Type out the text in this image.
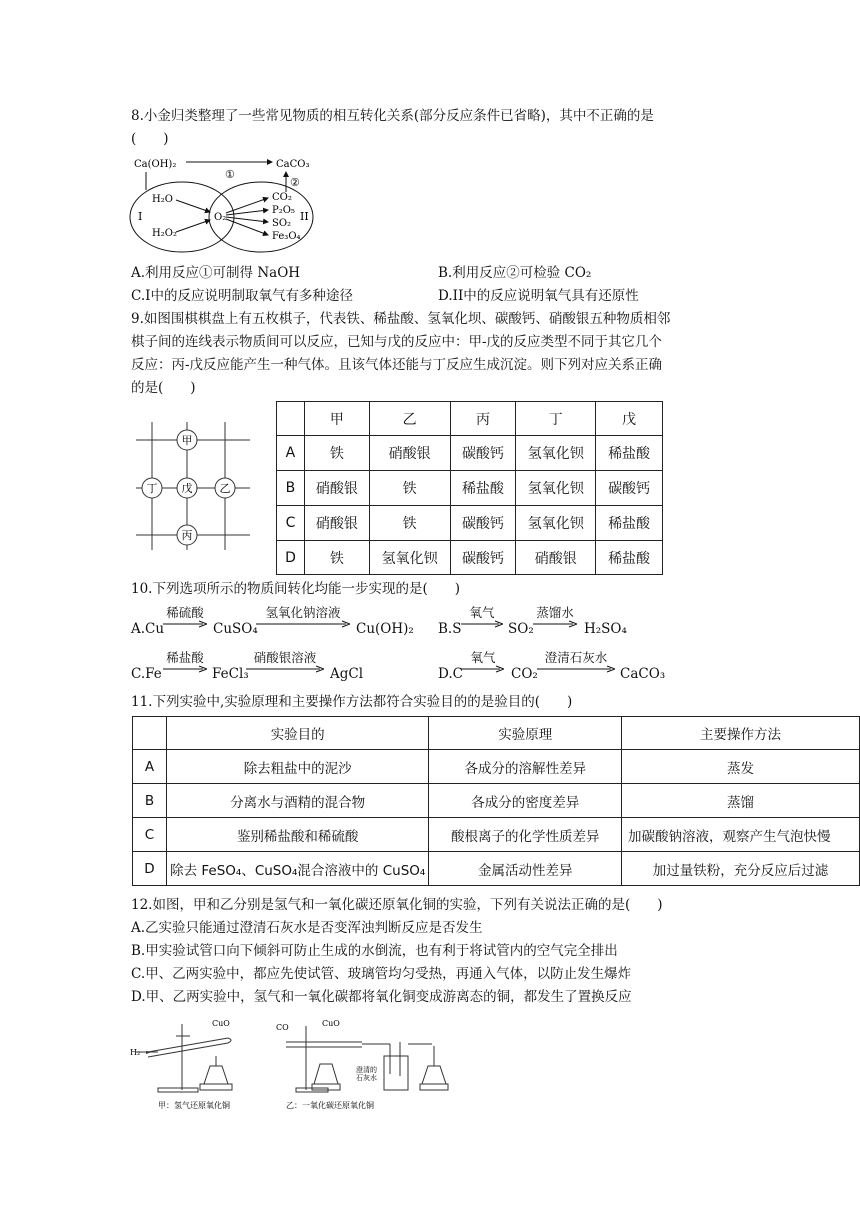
8.小金归类整理了一些常见物质的相互转化关系(部分反应条件已省略)，其中不正确的是
(　　)
Ca(OH)₂	CaCO₃
①
②
H₂O
H₂O₂
I	O₂
CO₂
P₂O₅
SO₂
Fe₃O₄
II
A.利用反应①可制得 NaOH	B.利用反应②可检验 CO₂
C.I中的反应说明制取氧气有多种途径	D.II中的反应说明氧气具有还原性
9.如图围棋棋盘上有五枚棋子，代表铁、稀盐酸、氢氧化坝、碳酸钙、硝酸银五种物质相邻
棋子间的连线表示物质间可以反应，已知与戊的反应中：甲-戊的反应类型不同于其它几个
反应：丙-戊反应能产生一种气体。且该气体还能与丁反应生成沉淀。则下列对应关系正确
的是(　　)
甲
丁 戊 乙
丙
	甲	乙	丙	丁	戊
A	铁	硝酸银	碳酸钙	氢氧化钡	稀盐酸
B	硝酸银	铁	稀盐酸	氢氧化钡	碳酸钙
C	硝酸银	铁	碳酸钙	氢氧化钡	稀盐酸
D	铁	氢氧化钡	碳酸钙	硝酸银	稀盐酸
10.下列选项所示的物质间转化均能一步实现的是(　　)
A.Cu
稀硫酸
CuSO₄
氢氧化钠溶液
Cu(OH)₂ B.S
氧气
SO₂
蒸馏水
H₂SO₄
C.Fe
稀盐酸
FeCl₃
硝酸银溶液
AgCl	D.C
氧气
CO₂
澄清石灰水
CaCO₃
11.下列实验中,实验原理和主要操作方法都符合实验目的的是验目的(　　)
	实验目的	实验原理	主要操作方法
A	除去粗盐中的泥沙	各成分的溶解性差异	蒸发
B	分离水与酒精的混合物	各成分的密度差异	蒸馏
C	鉴别稀盐酸和稀硫酸	酸根离子的化学性质差异	加碳酸钠溶液，观察产生气泡快慢
D	除去 FeSO₄、CuSO₄混合溶液中的 CuSO₄	金属活动性差异	加过量铁粉，充分反应后过滤
12.如图，甲和乙分别是氢气和一氧化碳还原氧化铜的实验，下列有关说法正确的是(　　)
A.乙实验只能通过澄清石灰水是否变浑浊判断反应是否发生
B.甲实验试管口向下倾斜可防止生成的水倒流，也有利于将试管内的空气完全排出
C.甲、乙两实验中，都应先使试管、玻璃管均匀受热，再通入气体，以防止发生爆炸
D.甲、乙两实验中，氢气和一氧化碳都将氧化铜变成游离态的铜，都发生了置换反应
CuO
H₂
甲：氢气还原氧化铜
CO	CuO
澄清的
石灰水
乙：一氧化碳还原氧化铜
